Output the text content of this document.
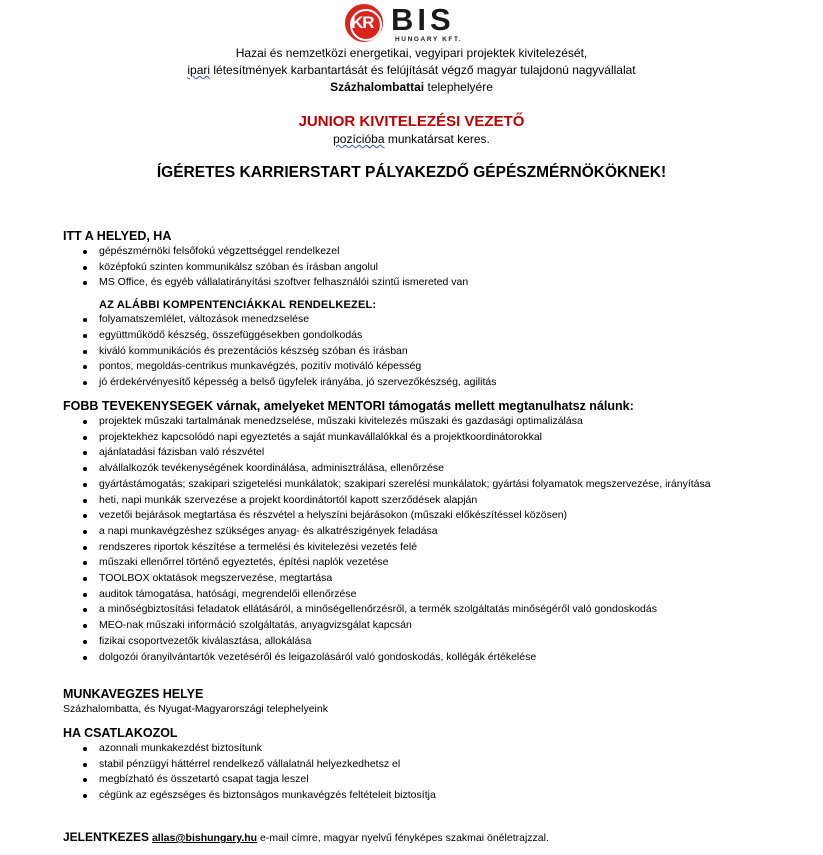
KR BIS
HUNGARY KFT.
Hazai és nemzetközi energetikai, vegyipari projektek kivitelezését,
ipari létesítmények karbantartását és felújítását végző magyar tulajdonú nagyvállalat
Százhalombattai telephelyére
JUNIOR KIVITELEZÉSI VEZETŐ
pozícióba munkatársat keres.
ÍGÉRETES KARRIERSTART PÁLYAKEZDŐ GÉPÉSZMÉRNÖKÖKNEK!

ITT A HELYED, HA

gépészmérnöki felsőfokú végzettséggel rendelkezel
középfokú szinten kommunikálsz szóban és írásban angolul
MS Office, és egyéb vállalatirányítási szoftver felhasználói szintű ismereted van

AZ ALÁBBI KOMPENTENCIÁKKAL RENDELKEZEL:

folyamatszemlélet, változások menedzselése
együttműködő készség, összefüggésekben gondolkodás
kiváló kommunikációs és prezentációs készség szóban és írásban
pontos, megoldás-centrikus munkavégzés, pozitív motiváló képesség
jó érdekérvényesítő képesség a belső ügyfelek irányába, jó szervezőkészség, agilitás

FOBB TEVEKENYSEGEK várnak, amelyeket MENTORI támogatás mellett megtanulhatsz nálunk:

projektek műszaki tartalmának menedzselése, műszaki kivitelezés műszaki és gazdasági optimalizálása
projektekhez kapcsolódó napi egyeztetés a saját munkavállalókkal és a projektkoordinátorokkal
ajánlatadási fázisban való részvétel
alvállalkozók tevékenységének koordinálása, adminisztrálása, ellenőrzése
gyártástámogatás; szakipari szigetelési munkálatok; szakipari szerelési munkálatok; gyártási folyamatok megszervezése, irányítása
heti, napi munkák szervezése a projekt koordinátortól kapott szerződések alapján
vezetői bejárások megtartása és részvétel a helyszíni bejárásokon (műszaki előkészítéssel közösen)
a napi munkavégzéshez szükséges anyag- és alkatrészigények feladása
rendszeres riportok készítése a termelési és kivitelezési vezetés felé
műszaki ellenőrrel történő egyeztetés, építési naplók vezetése
TOOLBOX oktatások megszervezése, megtartása
auditok támogatása, hatósági, megrendelői ellenőrzése
a minőségbiztosítási feladatok ellátásáról, a minőségellenőrzésről, a termék szolgáltatás minőségéről való gondoskodás
MEO-nak műszaki információ szolgáltatás, anyagvizsgálat kapcsán
fizikai csoportvezetők kiválasztása, allokálása
dolgozói óranyilvántartók vezetéséről és leigazolásáról való gondoskodás, kollégák értékelése

MUNKAVEGZES HELYE

Százhalombatta, és Nyugat-Magyarországi telephelyeink

HA CSATLAKOZOL

azonnali munkakezdést biztosítunk
stabil pénzügyi háttérrel rendelkező vállalatnál helyezkedhetsz el
megbízható és összetartó csapat tagja leszel
cégünk az egészséges és biztonságos munkavégzés feltételeit biztosítja
JELENTKEZES allas@bishungary.hu e-mail címre, magyar nyelvű fényképes szakmai önéletrajzzal.
